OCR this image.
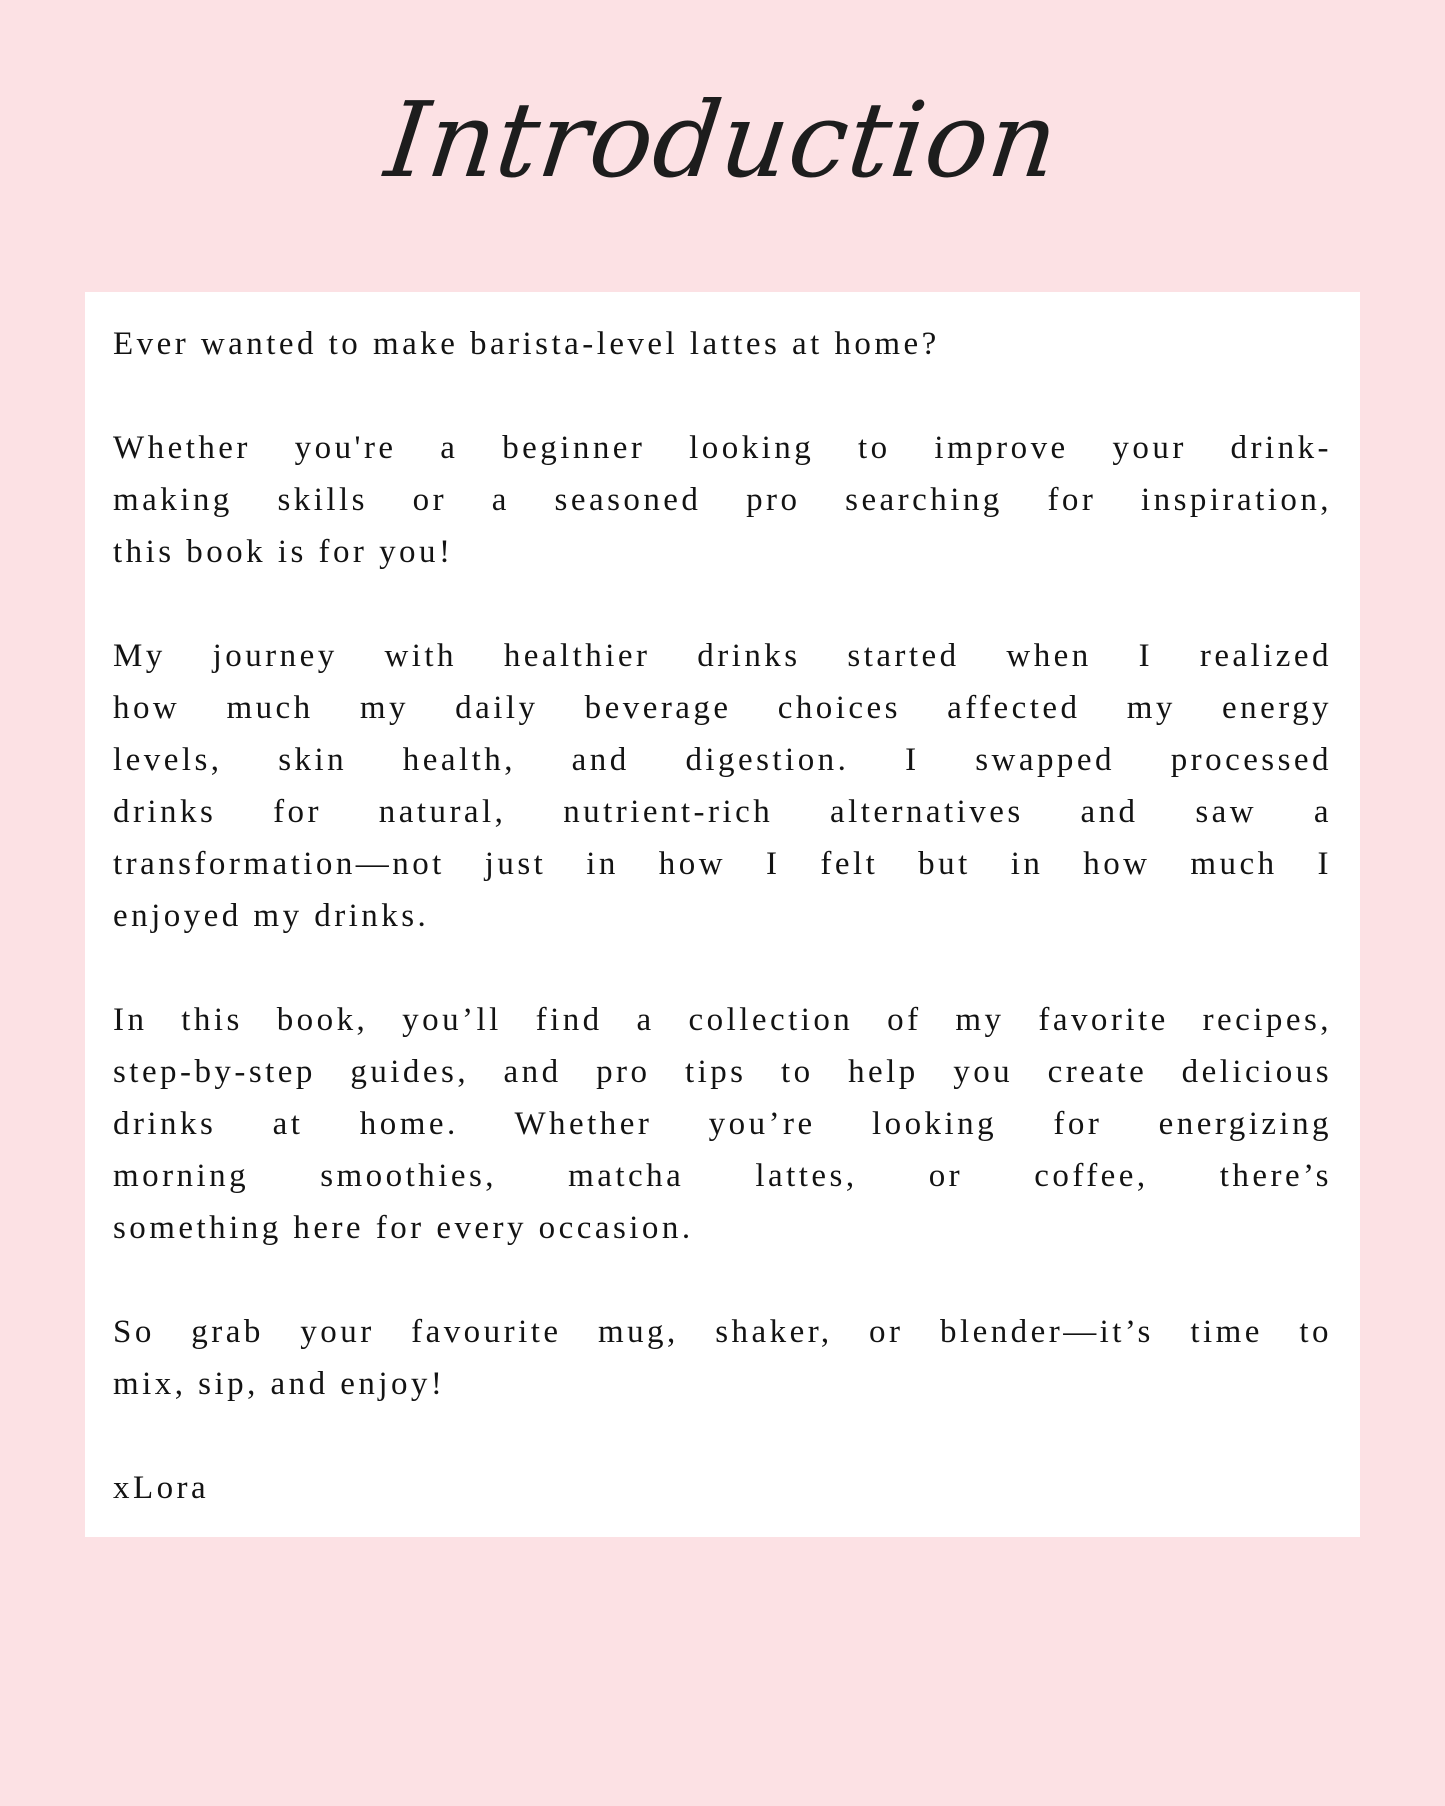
Introduction
Ever wanted to make barista-level lattes at home?
Whether you're a beginner looking to improve your drink-
making skills or a seasoned pro searching for inspiration,
this book is for you!
My journey with healthier drinks started when I realized
how much my daily beverage choices affected my energy
levels, skin health, and digestion. I swapped processed
drinks for natural, nutrient-rich alternatives and saw a
transformation—not just in how I felt but in how much I
enjoyed my drinks.
In this book, you’ll find a collection of my favorite recipes,
step-by-step guides, and pro tips to help you create delicious
drinks at home. Whether you’re looking for energizing
morning smoothies, matcha lattes, or coffee, there’s
something here for every occasion.
So grab your favourite mug, shaker, or blender—it’s time to
mix, sip, and enjoy!
xLora
